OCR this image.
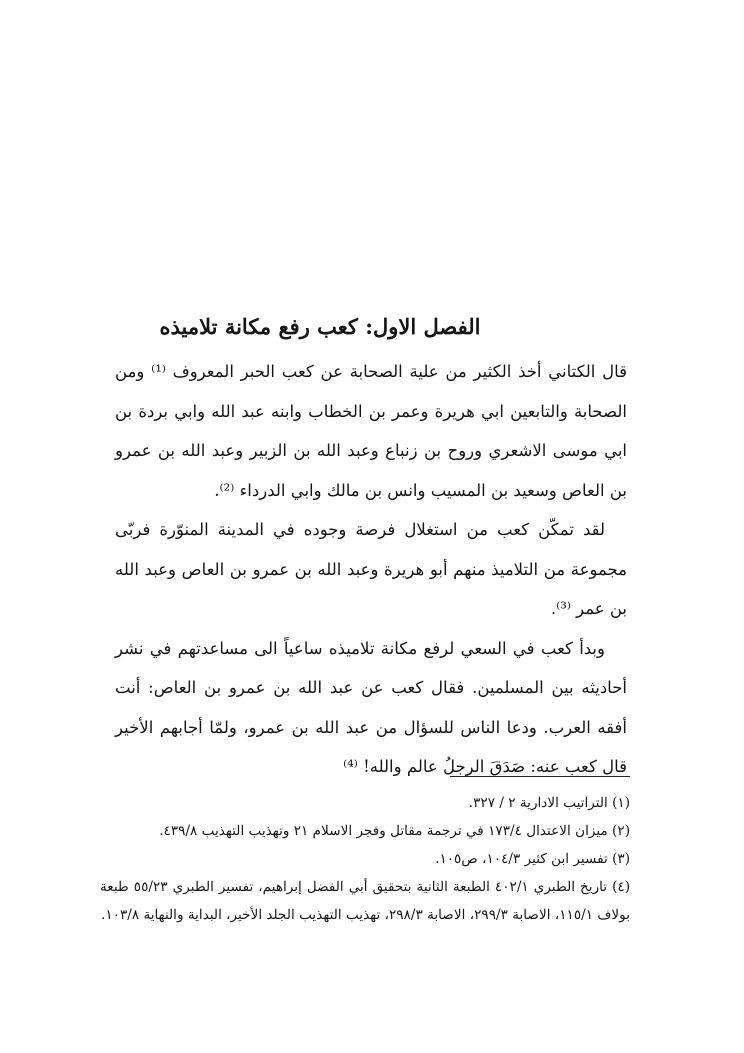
الفصل الاول: كعب رفع مكانة تلاميذه

قال الكتاني أخذ الكثير من علية الصحابة عن كعب الحبر المعروف ⁽¹⁾ ومن الصحابة والتابعين ابي هريرة وعمر بن الخطاب وابنه عبد الله وابي بردة بن ابي موسى الاشعري وروح بن زنباع وعبد الله بن الزبير وعبد الله بن عمرو بن العاص وسعيد بن المسيب وانس بن مالك وابي الدرداء ⁽²⁾.

لقد تمكّن كعب من استغلال فرصة وجوده في المدينة المنوّرة فربّى مجموعة من التلاميذ منهم أبو هريرة وعبد الله بن عمرو بن العاص وعبد الله بن عمر ⁽³⁾.

وبدأ كعب في السعي لرفع مكانة تلاميذه ساعياً الى مساعدتهم في نشر أحاديثه بين المسلمين. فقال كعب عن عبد الله بن عمرو بن العاص: أنت أفقه العرب. ودعا الناس للسؤال من عبد الله بن عمرو، ولمّا أجابهم الأخير قال كعب عنه: صَدَقَ الرجلُ عالم والله! ⁽⁴⁾

(١) التراتيب الادارية ٢ / ٣٢٧.

(٢) ميزان الاعتدال ١٧٣/٤ في ترجمة مقاتل وفجر الاسلام ٢١ وتهذيب التهذيب ٤٣٩/٨.

(٣) تفسير ابن كثير ١٠٤/٣، ص١٠٥.

(٤) تاريخ الطبري ٤٠٢/١ الطبعة الثانية بتحقيق أبي الفضل إبراهيم، تفسير الطبري ٥٥/٢٣ طبعة بولاف ١١٥/١، الاصابة ٢٩٩/٣، الاصابة ٢٩٨/٣، تهذيب التهذيب الجلد الأخير، البداية والنهاية ١٠٣/٨.
